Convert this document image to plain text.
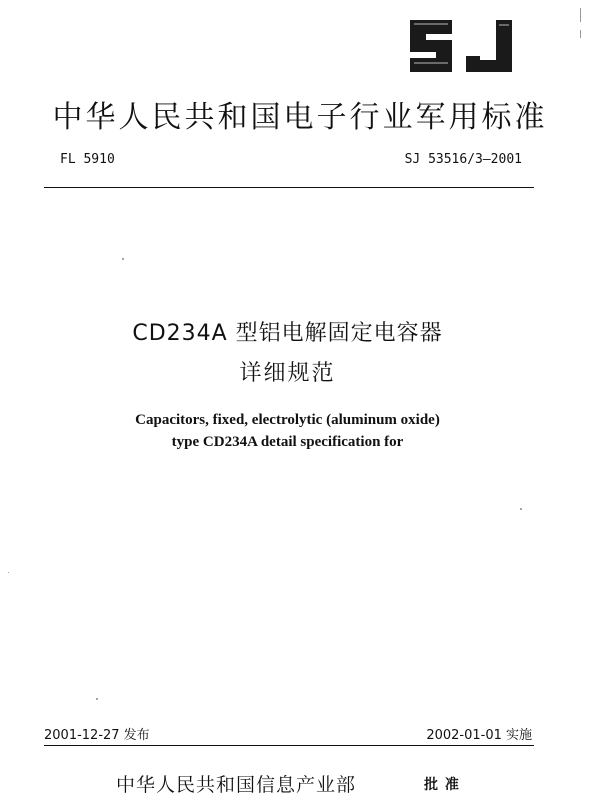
中华人民共和国电子行业军用标准
FL 5910	SJ 53516/3—2001
CD234A 型铝电解固定电容器
详细规范
Capacitors, fixed, electrolytic (aluminum oxide)
type CD234A detail specification for
2001-12-27 发布	2002-01-01 实施
中华人民共和国信息产业部	批 准
